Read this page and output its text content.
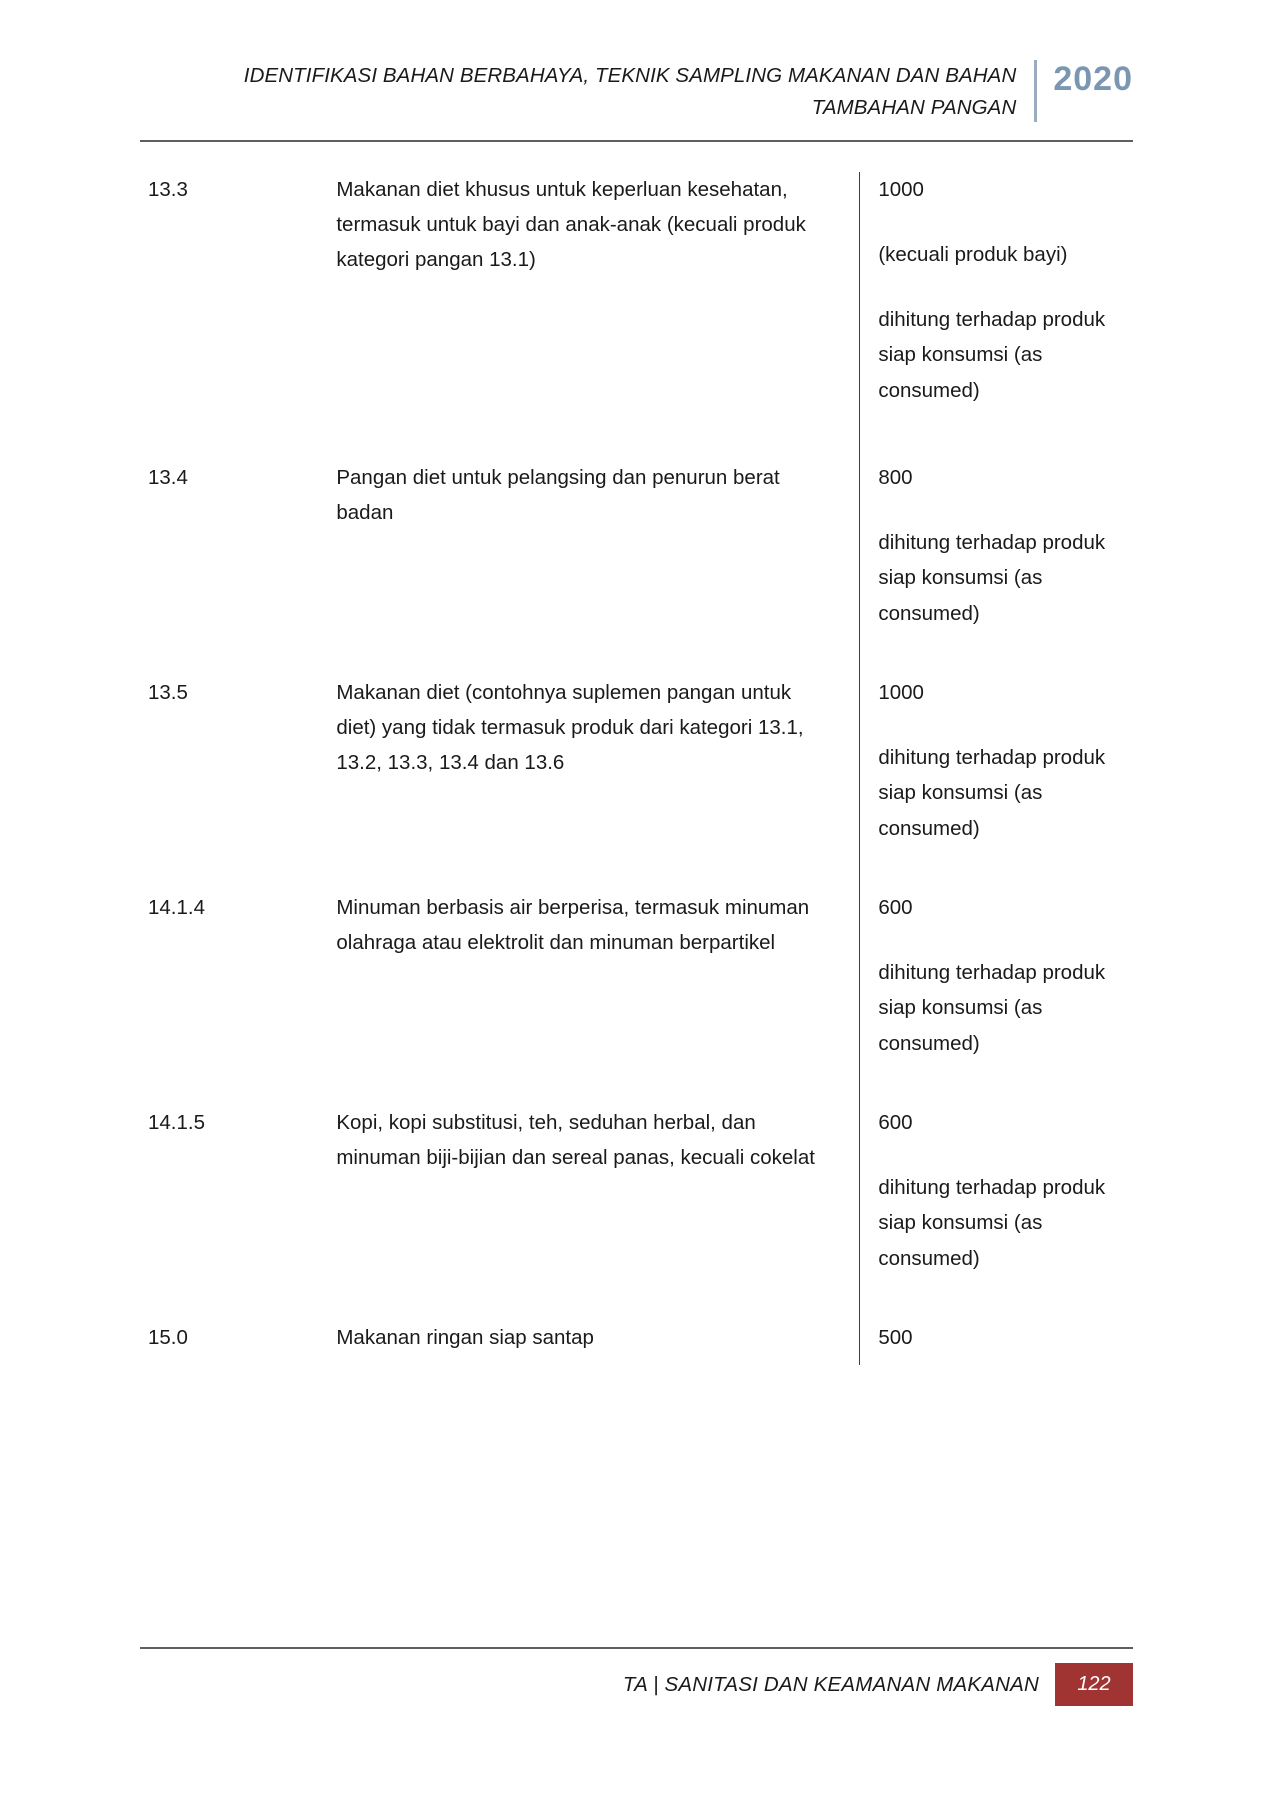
IDENTIFIKASI BAHAN BERBAHAYA, TEKNIK SAMPLING MAKANAN DAN BAHAN TAMBAHAN PANGAN
2020
13.3	Makanan diet khusus untuk keperluan kesehatan, termasuk untuk bayi dan anak-anak (kecuali produk kategori pangan 13.1)	1000
(kecuali produk bayi)
dihitung terhadap produk siap konsumsi (as consumed)

13.4	Pangan diet untuk pelangsing dan penurun berat badan	800
dihitung terhadap produk siap konsumsi (as consumed)

13.5	Makanan diet (contohnya suplemen pangan untuk diet) yang tidak termasuk produk dari kategori 13.1, 13.2, 13.3, 13.4 dan 13.6	1000
dihitung terhadap produk siap konsumsi (as consumed)

14.1.4	Minuman berbasis air berperisa, termasuk minuman olahraga atau elektrolit dan minuman berpartikel	600
dihitung terhadap produk siap konsumsi (as consumed)

14.1.5	Kopi, kopi substitusi, teh, seduhan herbal, dan minuman biji-bijian dan sereal panas, kecuali cokelat	600
dihitung terhadap produk siap konsumsi (as consumed)

15.0	Makanan ringan siap santap	500
TA | SANITASI DAN KEAMANAN MAKANAN	122
